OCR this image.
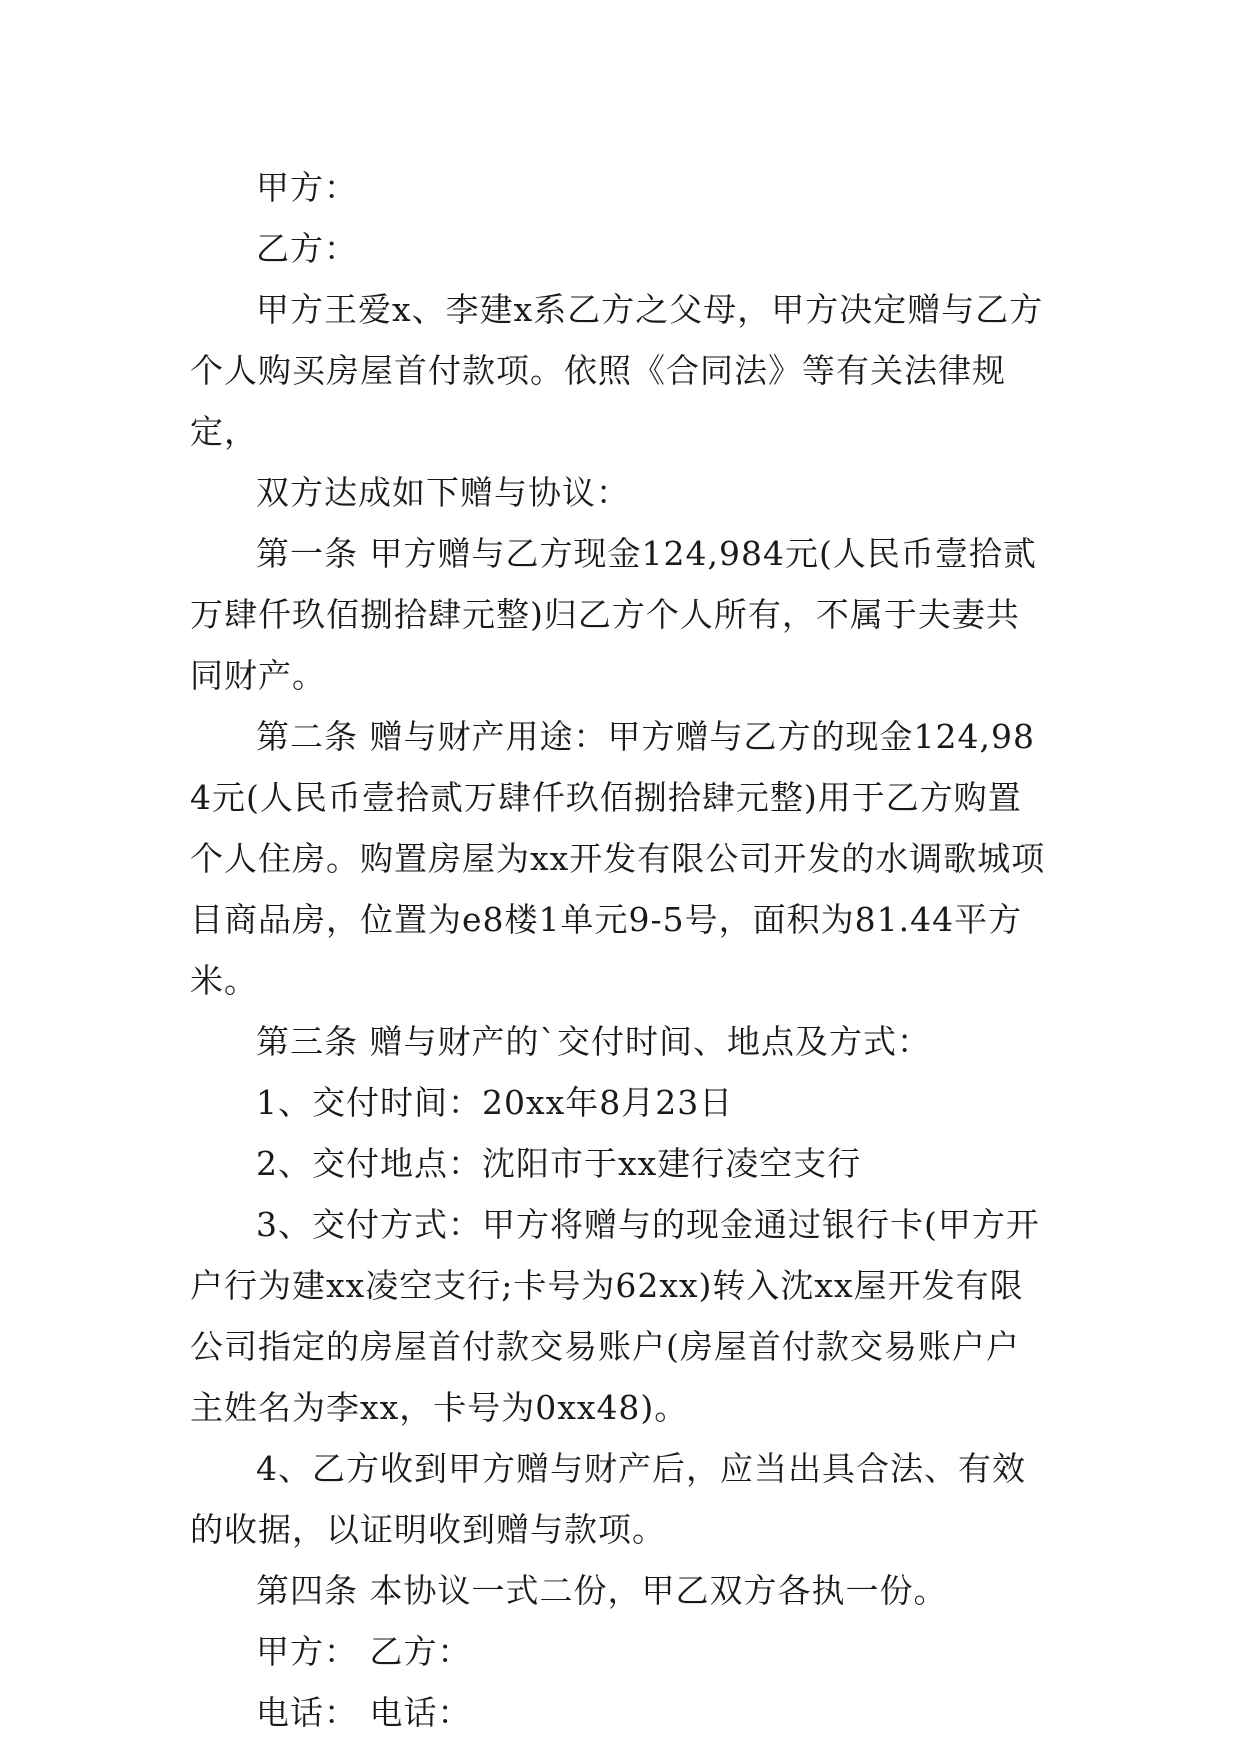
甲方：

乙方：

甲方王爱x、李建x系乙方之父母，甲方决定赠与乙方个人购买房屋首付款项。依照《合同法》等有关法律规定，

双方达成如下赠与协议：

第一条 甲方赠与乙方现金124,984元(人民币壹拾贰万肆仟玖佰捌拾肆元整)归乙方个人所有，不属于夫妻共同财产。

第二条 赠与财产用途：甲方赠与乙方的现金124,984元(人民币壹拾贰万肆仟玖佰捌拾肆元整)用于乙方购置个人住房。购置房屋为xx开发有限公司开发的水调歌城项目商品房，位置为e8楼1单元9-5号，面积为81.44平方米。

第三条 赠与财产的`交付时间、地点及方式：

1、交付时间：20xx年8月23日

2、交付地点：沈阳市于xx建行凌空支行

3、交付方式：甲方将赠与的现金通过银行卡(甲方开户行为建xx凌空支行;卡号为62xx)转入沈xx屋开发有限公司指定的房屋首付款交易账户(房屋首付款交易账户户主姓名为李xx，卡号为0xx48)。

4、乙方收到甲方赠与财产后，应当出具合法、有效的收据，以证明收到赠与款项。

第四条 本协议一式二份，甲乙双方各执一份。

甲方： 乙方：

电话： 电话：
